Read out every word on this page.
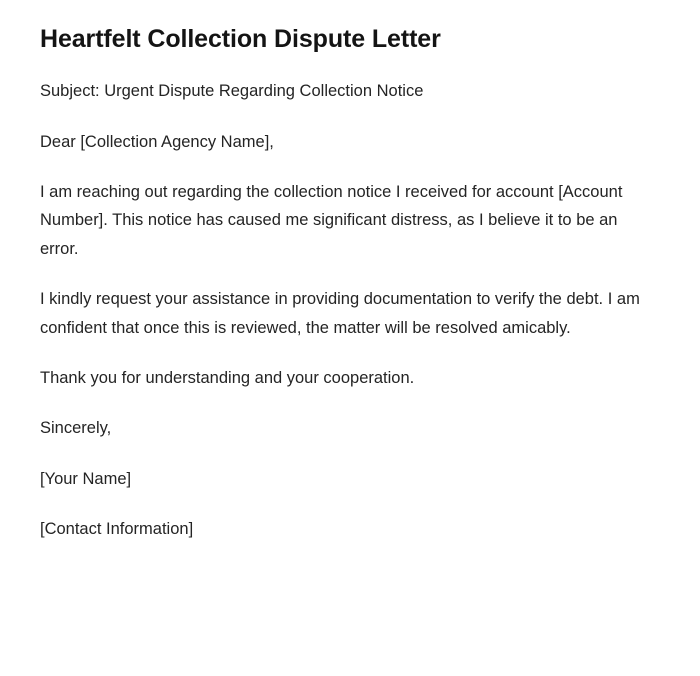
Heartfelt Collection Dispute Letter

Subject: Urgent Dispute Regarding Collection Notice

Dear [Collection Agency Name],

I am reaching out regarding the collection notice I received for account [Account Number]. This notice has caused me significant distress, as I believe it to be an error.

I kindly request your assistance in providing documentation to verify the debt. I am confident that once this is reviewed, the matter will be resolved amicably.

Thank you for understanding and your cooperation.

Sincerely,

[Your Name]

[Contact Information]
